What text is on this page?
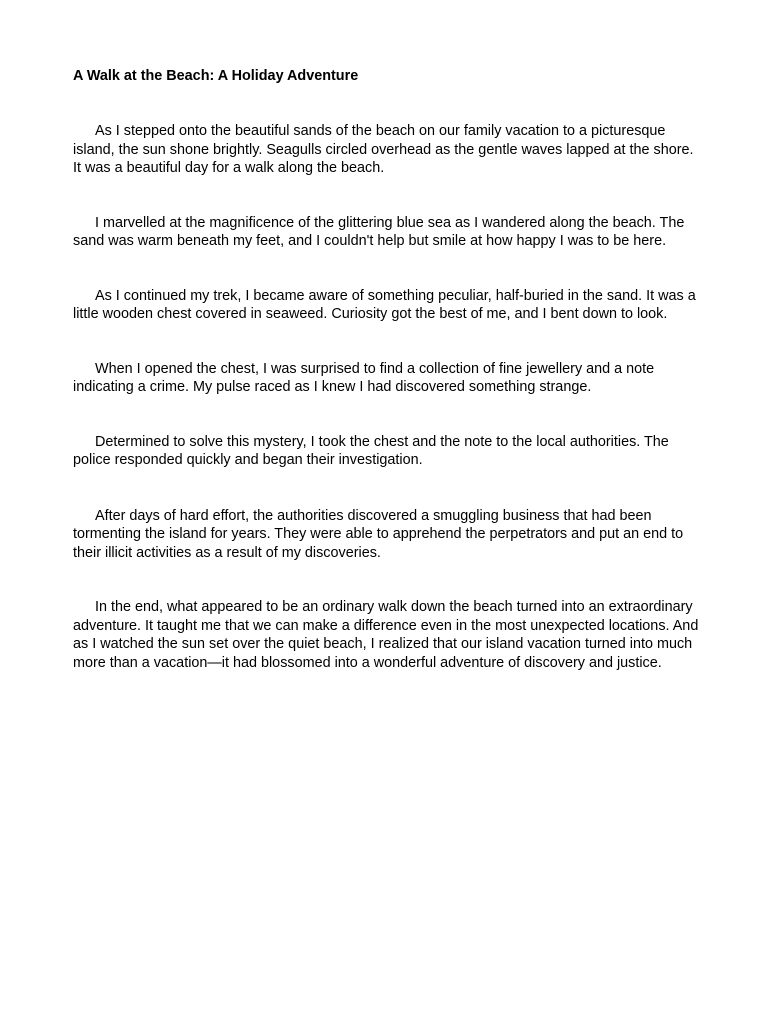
A Walk at the Beach: A Holiday Adventure

As I stepped onto the beautiful sands of the beach on our family vacation to a picturesque island, the sun shone brightly. Seagulls circled overhead as the gentle waves lapped at the shore. It was a beautiful day for a walk along the beach.

I marvelled at the magnificence of the glittering blue sea as I wandered along the beach. The sand was warm beneath my feet, and I couldn't help but smile at how happy I was to be here.

As I continued my trek, I became aware of something peculiar, half-buried in the sand. It was a little wooden chest covered in seaweed. Curiosity got the best of me, and I bent down to look.

When I opened the chest, I was surprised to find a collection of fine jewellery and a note indicating a crime. My pulse raced as I knew I had discovered something strange.

Determined to solve this mystery, I took the chest and the note to the local authorities. The police responded quickly and began their investigation.

After days of hard effort, the authorities discovered a smuggling business that had been tormenting the island for years. They were able to apprehend the perpetrators and put an end to their illicit activities as a result of my discoveries.

In the end, what appeared to be an ordinary walk down the beach turned into an extraordinary adventure. It taught me that we can make a difference even in the most unexpected locations. And as I watched the sun set over the quiet beach, I realized that our island vacation turned into much more than a vacation—it had blossomed into a wonderful adventure of discovery and justice.
